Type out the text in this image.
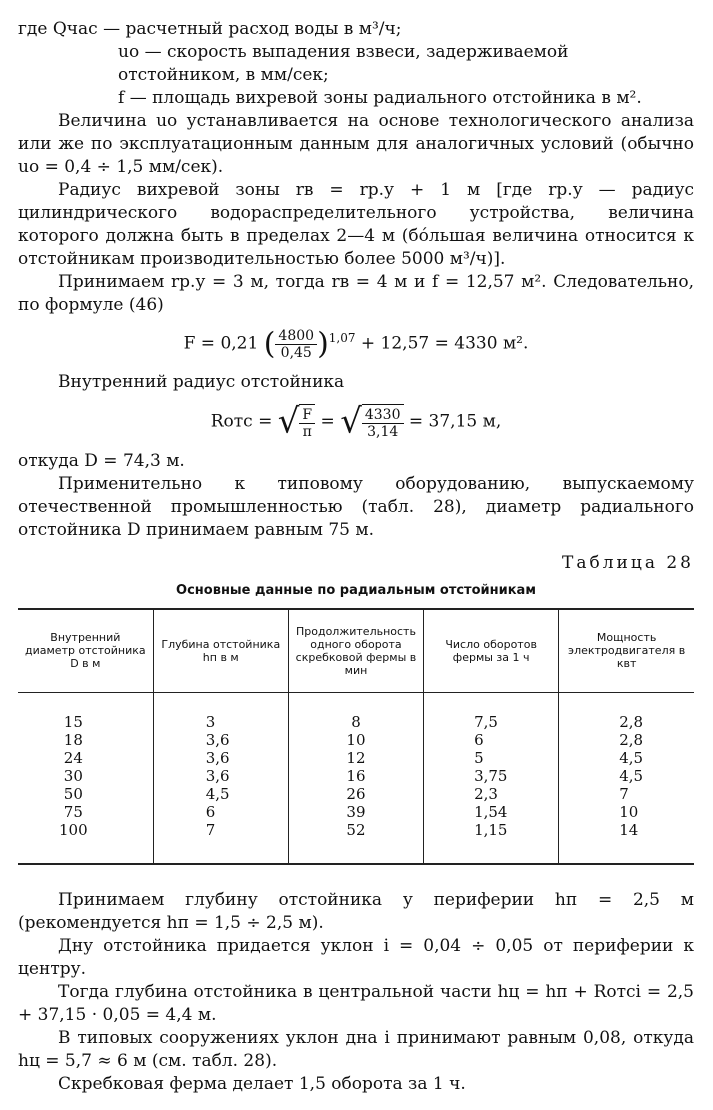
где Qчас — расчетный расход воды в м³/ч;
uо — скорость выпадения взвеси, задерживаемой отстойником, в мм/сек;
f — площадь вихревой зоны радиального отстойника в м².

Величина uо устанавливается на основе технологического анализа или же по эксплуатационным данным для аналогичных условий (обычно uо = 0,4 ÷ 1,5 мм/сек).

Радиус вихревой зоны rв = rр.у + 1 м [где rр.у — радиус цилиндрического водораспределительного устройства, величина которого должна быть в пределах 2—4 м (бóльшая величина относится к отстойникам производительностью более 5000 м³/ч)].

Принимаем rр.у = 3 м, тогда rв = 4 м и f = 12,57 м². Следовательно, по формуле (46)

F = 0,21 ( $\frac{4800}{0,45} )^{1,07} + 12,57 = 4330$ м².

Внутренний радиус отстойника

Rотс = √ $\frac{F}{\pi}$ = √ $\frac{4330}{3,14} = 37,15$ м,

откуда D = 74,3 м.

Применительно к типовому оборудованию, выпускаемому отечественной промышленностью (табл. 28), диаметр радиального отстойника D принимаем равным 75 м.

Таблица 28
Основные данные по радиальным отстойникам
Внутренний диаметр отстойника D в м	Глубина отстойника hп в м	Продолжительность одного оборота скребковой фермы в мин	Число оборотов фермы за 1 ч	Мощность электродвигателя в квт
15	3	8	7,5	2,8
18	3,6	10	6	2,8
24	3,6	12	5	4,5
30	3,6	16	3,75	4,5
50	4,5	26	2,3	7
75	6	39	1,54	10
100	7	52	1,15	14

Принимаем глубину отстойника у периферии hп = 2,5 м (рекомендуется hп = 1,5 ÷ 2,5 м).

Дну отстойника придается уклон i = 0,04 ÷ 0,05 от периферии к центру.

Тогда глубина отстойника в центральной части hц = hп + Rотсi = 2,5 + 37,15 · 0,05 = 4,4 м.

В типовых сооружениях уклон дна i принимают равным 0,08, откуда hц = 5,7 ≈ 6 м (см. табл. 28).

Скребковая ферма делает 1,5 оборота за 1 ч.
